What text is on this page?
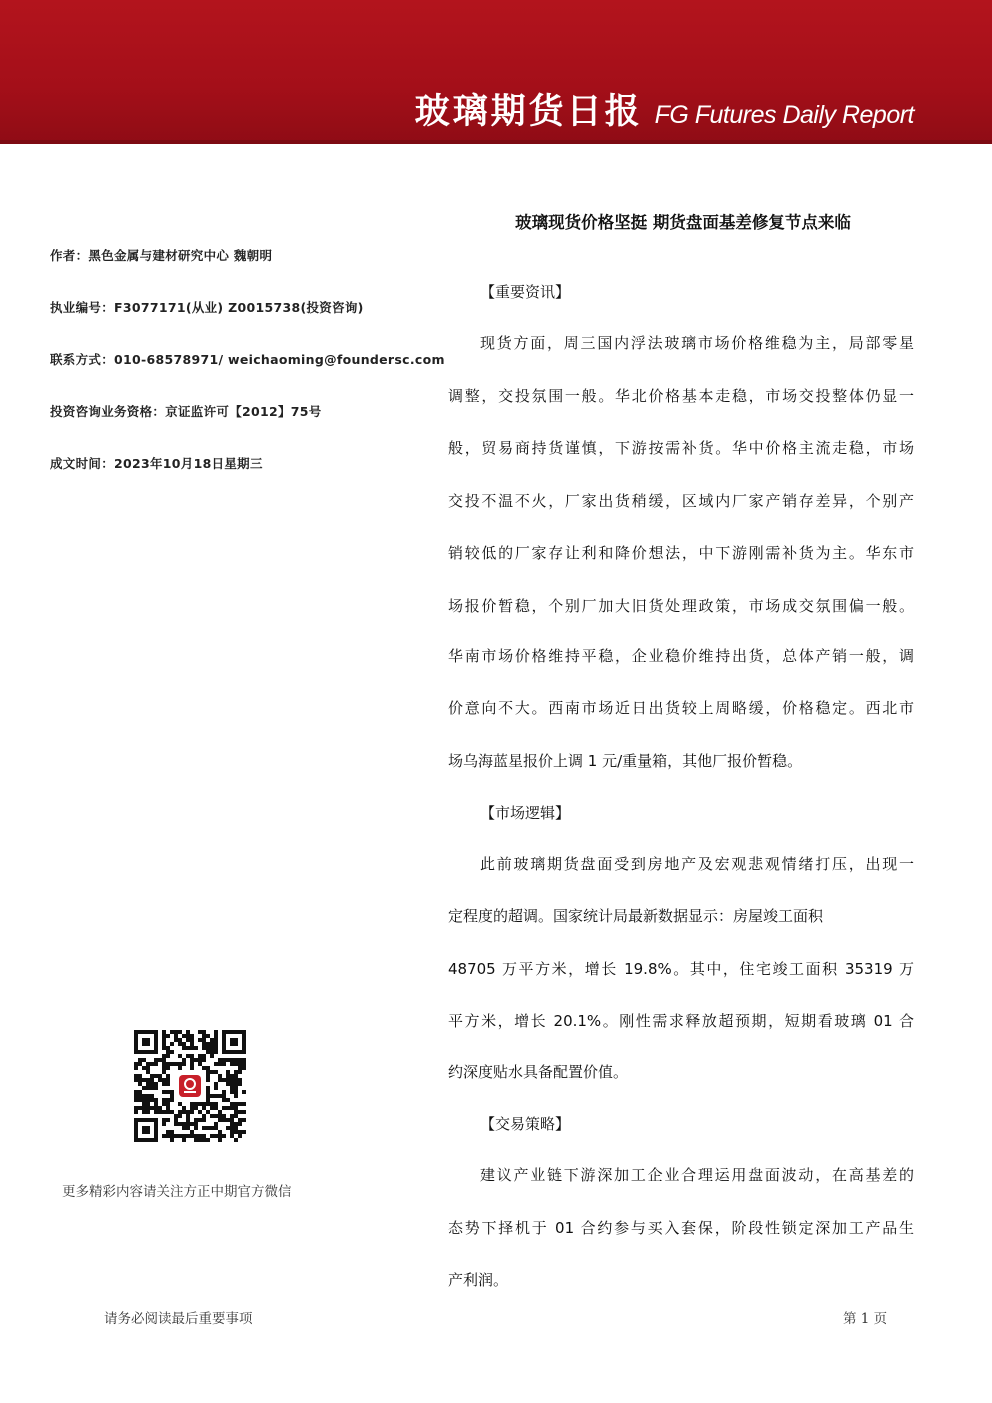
玻璃期货日报 FG Futures Daily Report
作者：黑色金属与建材研究中心 魏朝明
执业编号：F3077171(从业) Z0015738(投资咨询)
联系方式：010-68578971/ weichaoming@foundersc.com
投资咨询业务资格：京证监许可【2012】75号
成文时间：2023年10月18日星期三
玻璃现货价格坚挺 期货盘面基差修复节点来临
【重要资讯】
现货方面，周三国内浮法玻璃市场价格维稳为主，局部零星
调整，交投氛围一般。华北价格基本走稳，市场交投整体仍显一
般，贸易商持货谨慎，下游按需补货。华中价格主流走稳，市场
交投不温不火，厂家出货稍缓，区域内厂家产销存差异，个别产
销较低的厂家存让利和降价想法，中下游刚需补货为主。华东市
场报价暂稳，个别厂加大旧货处理政策，市场成交氛围偏一般。
华南市场价格维持平稳，企业稳价维持出货，总体产销一般，调
价意向不大。西南市场近日出货较上周略缓，价格稳定。西北市
场乌海蓝星报价上调 1 元/重量箱，其他厂报价暂稳。
【市场逻辑】
此前玻璃期货盘面受到房地产及宏观悲观情绪打压，出现一
定程度的超调。国家统计局最新数据显示：房屋竣工面积
48705 万平方米，增长 19.8%。其中，住宅竣工面积 35319 万
平方米，增长 20.1%。刚性需求释放超预期，短期看玻璃 01 合
约深度贴水具备配置价值。
【交易策略】
建议产业链下游深加工企业合理运用盘面波动，在高基差的
态势下择机于 01 合约参与买入套保，阶段性锁定深加工产品生
产利润。
更多精彩内容请关注方正中期官方微信
请务必阅读最后重要事项	第 1 页
